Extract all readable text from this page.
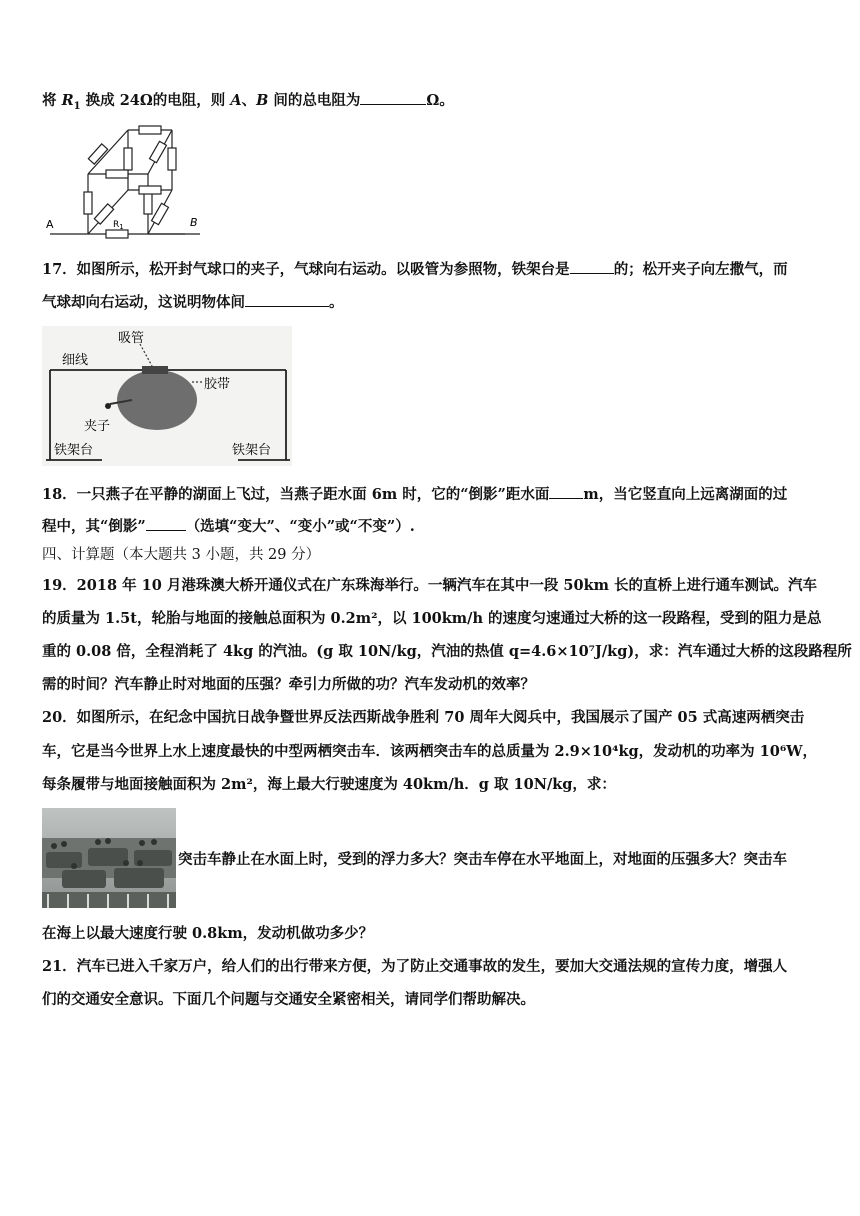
将 $R_1$ 换成 24Ω的电阻，则 A、B 间的总电阻为	Ω。
A	B
$R_1$
17．如图所示，松开封气球口的夹子，气球向右运动。以吸管为参照物，铁架台是	的；松开夹子向左撒气，而
气球却向右运动，这说明物体间	。
吸管
细线
胶带
夹子
铁架台	铁架台
18．一只燕子在平静的湖面上飞过，当燕子距水面 6m 时，它的“倒影”距水面 m，当它竖直向上远离湖面的过
程中，其“倒影”	（选填“变大”、“变小”或“不变”）.
四、计算题（本大题共 3 小题，共 29 分）
19．2018 年 10 月港珠澳大桥开通仪式在广东珠海举行。一辆汽车在其中一段 50km 长的直桥上进行通车测试。汽车
的质量为 1.5t，轮胎与地面的接触总面积为 0.2m²，以 100km/h 的速度匀速通过大桥的这一段路程，受到的阻力是总
重的 0.08 倍，全程消耗了 4kg 的汽油。(g 取 10N/kg，汽油的热值 q=4.6×10⁷J/kg)，求：汽车通过大桥的这段路程所
需的时间？汽车静止时对地面的压强？牵引力所做的功？汽车发动机的效率？
20．如图所示，在纪念中国抗日战争暨世界反法西斯战争胜利 70 周年大阅兵中，我国展示了国产 05 式高速两栖突击
车，它是当今世界上水上速度最快的中型两栖突击车．该两栖突击车的总质量为 2.9×10⁴kg，发动机的功率为 10⁶W，
每条履带与地面接触面积为 2m²，海上最大行驶速度为 40km/h．g 取 10N/kg，求：
突击车静止在水面上时，受到的浮力多大？突击车停在水平地面上，对地面的压强多大？突击车
在海上以最大速度行驶 0.8km，发动机做功多少？
21．汽车已进入千家万户，给人们的出行带来方便，为了防止交通事故的发生，要加大交通法规的宣传力度，增强人
们的交通安全意识。下面几个问题与交通安全紧密相关，请同学们帮助解决。
